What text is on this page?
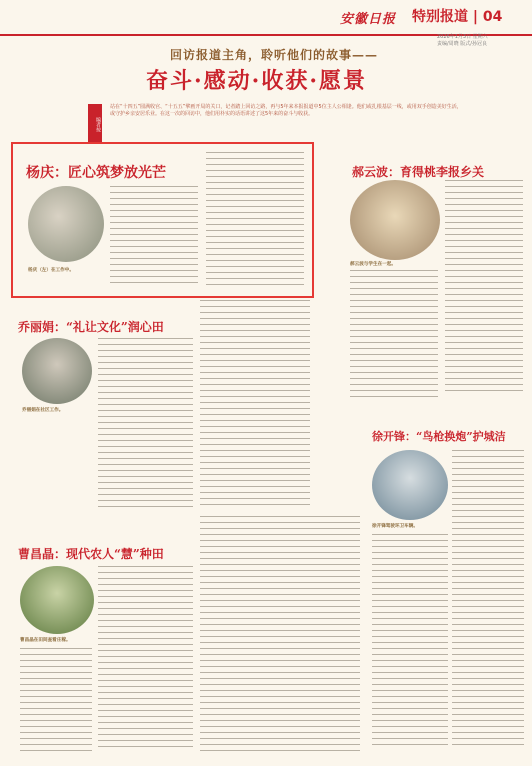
安徽日报 特别报道 | 04
2026年1月3日 星期六
责编/周晓 版式/孙冠良
回访报道主角，聆听他们的故事——
奋斗·感动·收获·愿景
编者按
站在“十四五”圆满收官、“十五五”擘画开局的关口，记者踏上回访之路，再与5年来本报报道中5位主人公相逢。他们或扎根基层一线，或用双手创造美好生活，或守护乡亲安居乐业。在这一次的回访中，他们用朴实的话语讲述了这5年来的奋斗与收获。
杨庆：匠心筑梦放光芒
杨庆（左）在工作中。
郝云波：育得桃李报乡关
郝云波与学生在一起。
乔丽娟：“礼让文化”润心田
乔丽娟在社区工作。
徐开锋：“鸟枪换炮”护城洁
徐开锋驾驶环卫车辆。
曹昌晶：现代农人“慧”种田
曹昌晶在田间查看庄稼。
